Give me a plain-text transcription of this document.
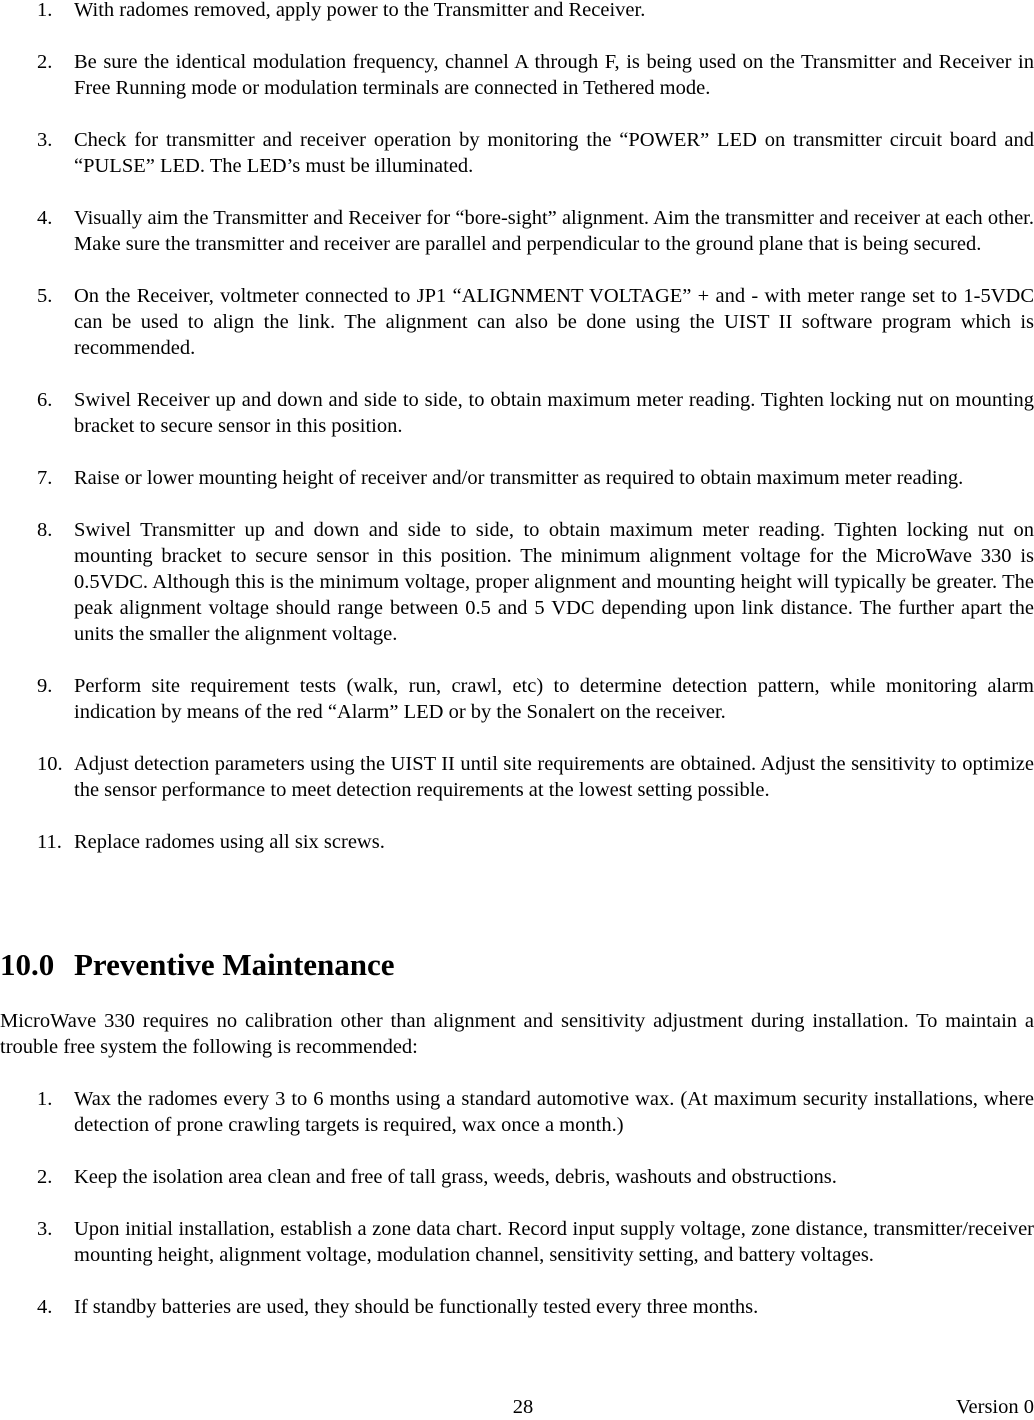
1. With radomes removed, apply power to the Transmitter and Receiver.
2. Be sure the identical modulation frequency, channel A through F, is being used on the Transmitter and Receiver in Free Running mode or modulation terminals are connected in Tethered mode.
3. Check for transmitter and receiver operation by monitoring the “POWER” LED on transmitter circuit board and “PULSE” LED. The LED’s must be illuminated.
4. Visually aim the Transmitter and Receiver for “bore-sight” alignment. Aim the transmitter and receiver at each other. Make sure the transmitter and receiver are parallel and perpendicular to the ground plane that is being secured.
5. On the Receiver, voltmeter connected to JP1 “ALIGNMENT VOLTAGE” + and - with meter range set to 1-5VDC can be used to align the link. The alignment can also be done using the UIST II software program which is recommended.
6. Swivel Receiver up and down and side to side, to obtain maximum meter reading. Tighten locking nut on mounting bracket to secure sensor in this position.
7. Raise or lower mounting height of receiver and/or transmitter as required to obtain maximum meter reading.
8. Swivel Transmitter up and down and side to side, to obtain maximum meter reading. Tighten locking nut on mounting bracket to secure sensor in this position. The minimum alignment voltage for the MicroWave 330 is 0.5VDC. Although this is the minimum voltage, proper alignment and mounting height will typically be greater. The peak alignment voltage should range between 0.5 and 5 VDC depending upon link distance. The further apart the units the smaller the alignment voltage.
9. Perform site requirement tests (walk, run, crawl, etc) to determine detection pattern, while monitoring alarm indication by means of the red “Alarm” LED or by the Sonalert on the receiver.
10. Adjust detection parameters using the UIST II until site requirements are obtained. Adjust the sensitivity to optimize the sensor performance to meet detection requirements at the lowest setting possible.
11. Replace radomes using all six screws.
10.0 Preventive Maintenance

MicroWave 330 requires no calibration other than alignment and sensitivity adjustment during installation. To maintain a trouble free system the following is recommended:

1. Wax the radomes every 3 to 6 months using a standard automotive wax. (At maximum security installations, where detection of prone crawling targets is required, wax once a month.)
2. Keep the isolation area clean and free of tall grass, weeds, debris, washouts and obstructions.
3. Upon initial installation, establish a zone data chart. Record input supply voltage, zone distance, transmitter/receiver mounting height, alignment voltage, modulation channel, sensitivity setting, and battery voltages.
4. If standby batteries are used, they should be functionally tested every three months.
28	Version 0
